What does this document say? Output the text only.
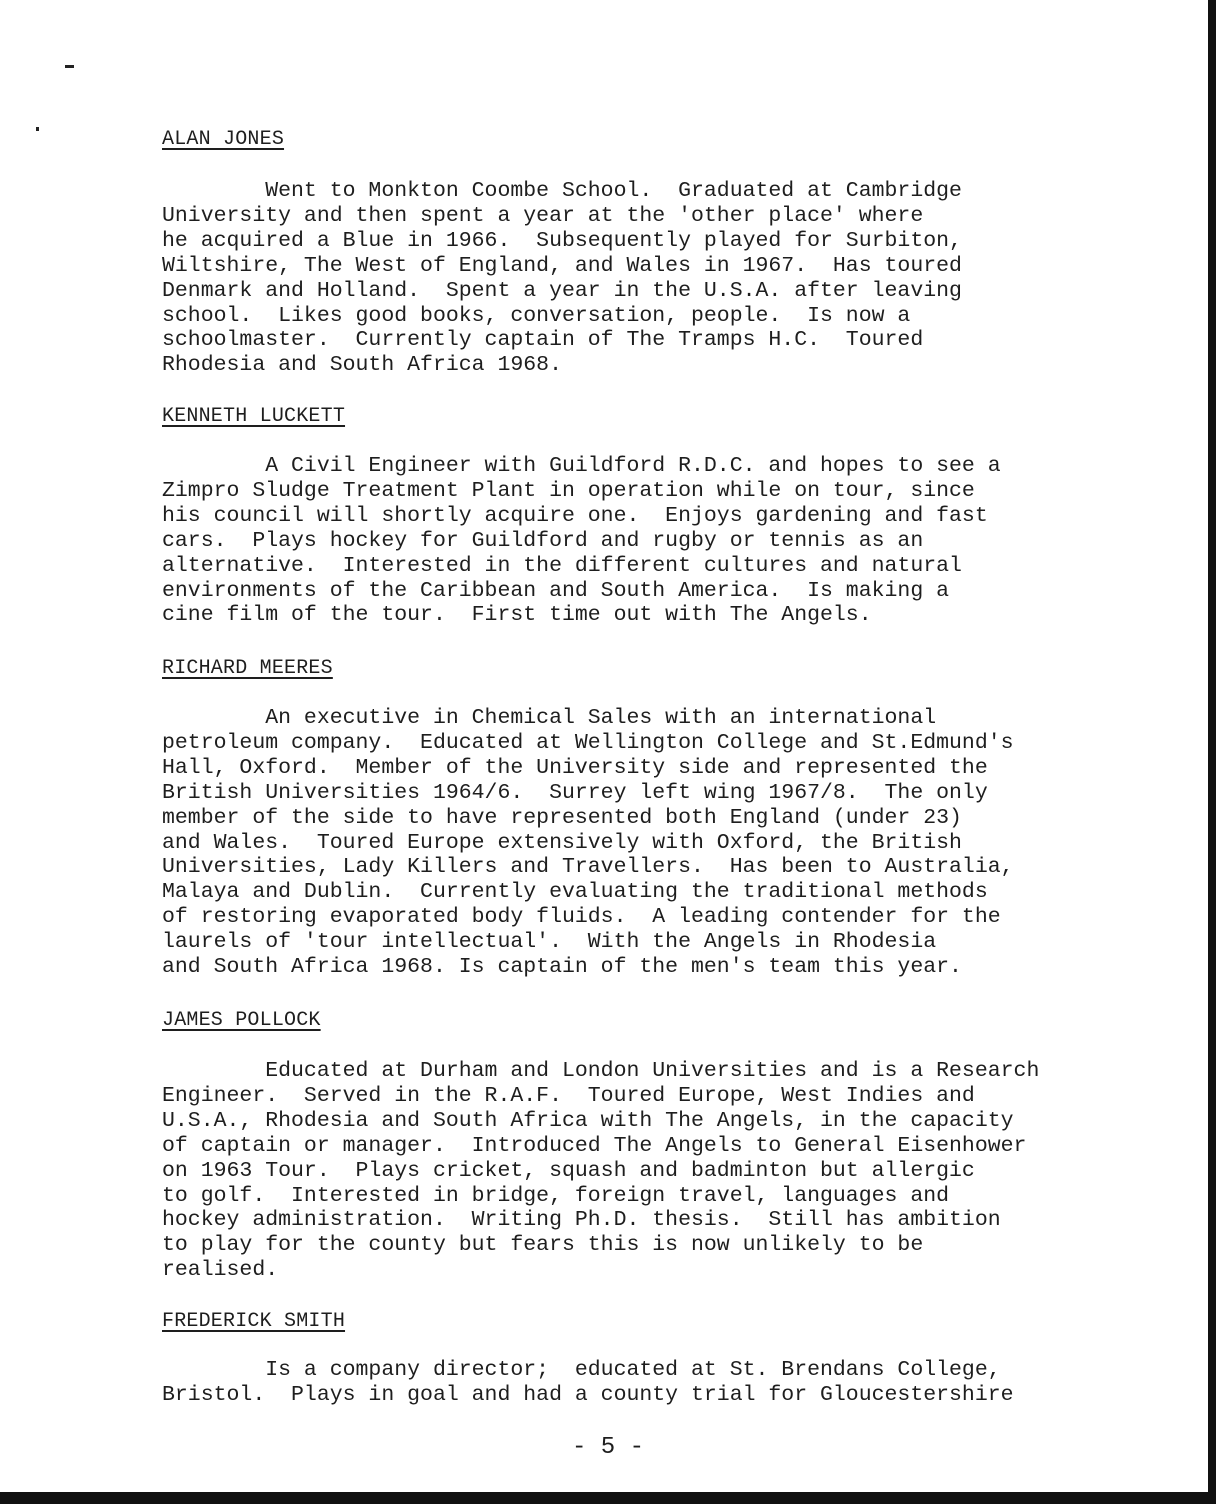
ALAN JONES
Went to Monkton Coombe School.  Graduated at Cambridge
University and then spent a year at the 'other place' where
he acquired a Blue in 1966.  Subsequently played for Surbiton,
Wiltshire, The West of England, and Wales in 1967.  Has toured
Denmark and Holland.  Spent a year in the U.S.A. after leaving
school.  Likes good books, conversation, people.  Is now a
schoolmaster.  Currently captain of The Tramps H.C.  Toured
Rhodesia and South Africa 1968.
KENNETH LUCKETT
A Civil Engineer with Guildford R.D.C. and hopes to see a
Zimpro Sludge Treatment Plant in operation while on tour, since
his council will shortly acquire one.  Enjoys gardening and fast
cars.  Plays hockey for Guildford and rugby or tennis as an
alternative.  Interested in the different cultures and natural
environments of the Caribbean and South America.  Is making a
cine film of the tour.  First time out with The Angels.
RICHARD MEERES
An executive in Chemical Sales with an international
petroleum company.  Educated at Wellington College and St.Edmund's
Hall, Oxford.  Member of the University side and represented the
British Universities 1964/6.  Surrey left wing 1967/8.  The only
member of the side to have represented both England (under 23)
and Wales.  Toured Europe extensively with Oxford, the British
Universities, Lady Killers and Travellers.  Has been to Australia,
Malaya and Dublin.  Currently evaluating the traditional methods
of restoring evaporated body fluids.  A leading contender for the
laurels of 'tour intellectual'.  With the Angels in Rhodesia
and South Africa 1968. Is captain of the men's team this year.
JAMES POLLOCK
Educated at Durham and London Universities and is a Research
Engineer.  Served in the R.A.F.  Toured Europe, West Indies and
U.S.A., Rhodesia and South Africa with The Angels, in the capacity
of captain or manager.  Introduced The Angels to General Eisenhower
on 1963 Tour.  Plays cricket, squash and badminton but allergic
to golf.  Interested in bridge, foreign travel, languages and
hockey administration.  Writing Ph.D. thesis.  Still has ambition
to play for the county but fears this is now unlikely to be
realised.
FREDERICK SMITH
Is a company director;  educated at St. Brendans College,
Bristol.  Plays in goal and had a county trial for Gloucestershire
- 5 -
